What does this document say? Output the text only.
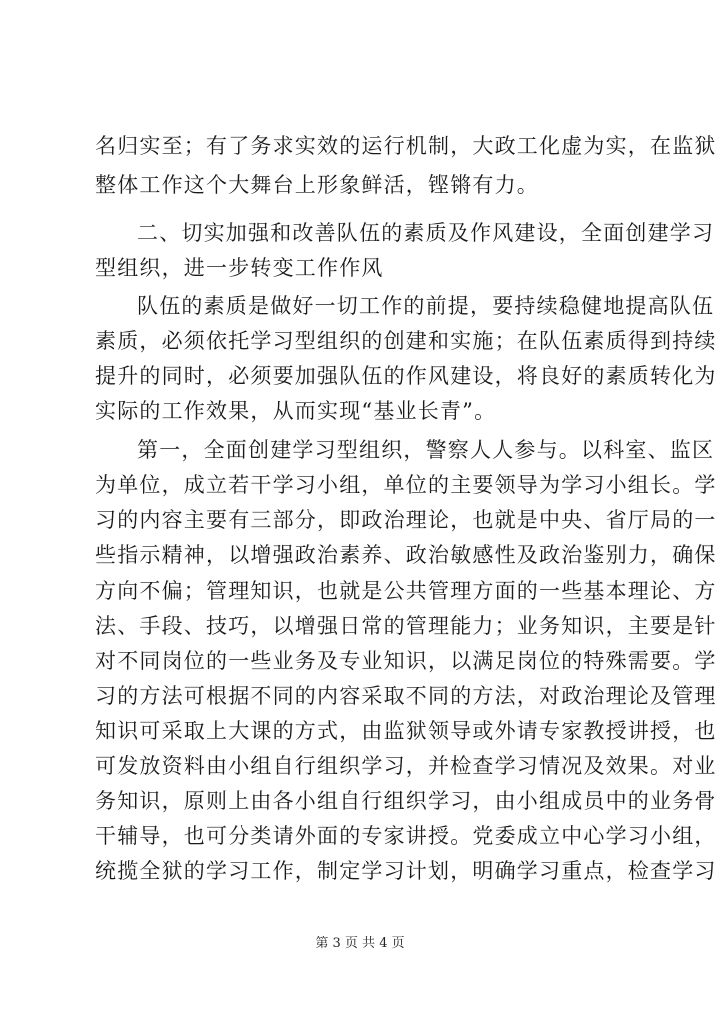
名归实至；有了务求实效的运行机制，大政工化虚为实，在监狱
整体工作这个大舞台上形象鲜活，铿锵有力。
二、切实加强和改善队伍的素质及作风建设，全面创建学习
型组织，进一步转变工作作风
队伍的素质是做好一切工作的前提，要持续稳健地提高队伍
素质，必须依托学习型组织的创建和实施；在队伍素质得到持续
提升的同时，必须要加强队伍的作风建设，将良好的素质转化为
实际的工作效果，从而实现“基业长青”。
第一，全面创建学习型组织，警察人人参与。以科室、监区
为单位，成立若干学习小组，单位的主要领导为学习小组长。学
习的内容主要有三部分，即政治理论，也就是中央、省厅局的一
些指示精神，以增强政治素养、政治敏感性及政治鉴别力，确保
方向不偏；管理知识，也就是公共管理方面的一些基本理论、方
法、手段、技巧，以增强日常的管理能力；业务知识，主要是针
对不同岗位的一些业务及专业知识，以满足岗位的特殊需要。学
习的方法可根据不同的内容采取不同的方法，对政治理论及管理
知识可采取上大课的方式，由监狱领导或外请专家教授讲授，也
可发放资料由小组自行组织学习，并检查学习情况及效果。对业
务知识，原则上由各小组自行组织学习，由小组成员中的业务骨
干辅导，也可分类请外面的专家讲授。党委成立中心学习小组，
统揽全狱的学习工作，制定学习计划，明确学习重点，检查学习
第 3 页 共 4 页
